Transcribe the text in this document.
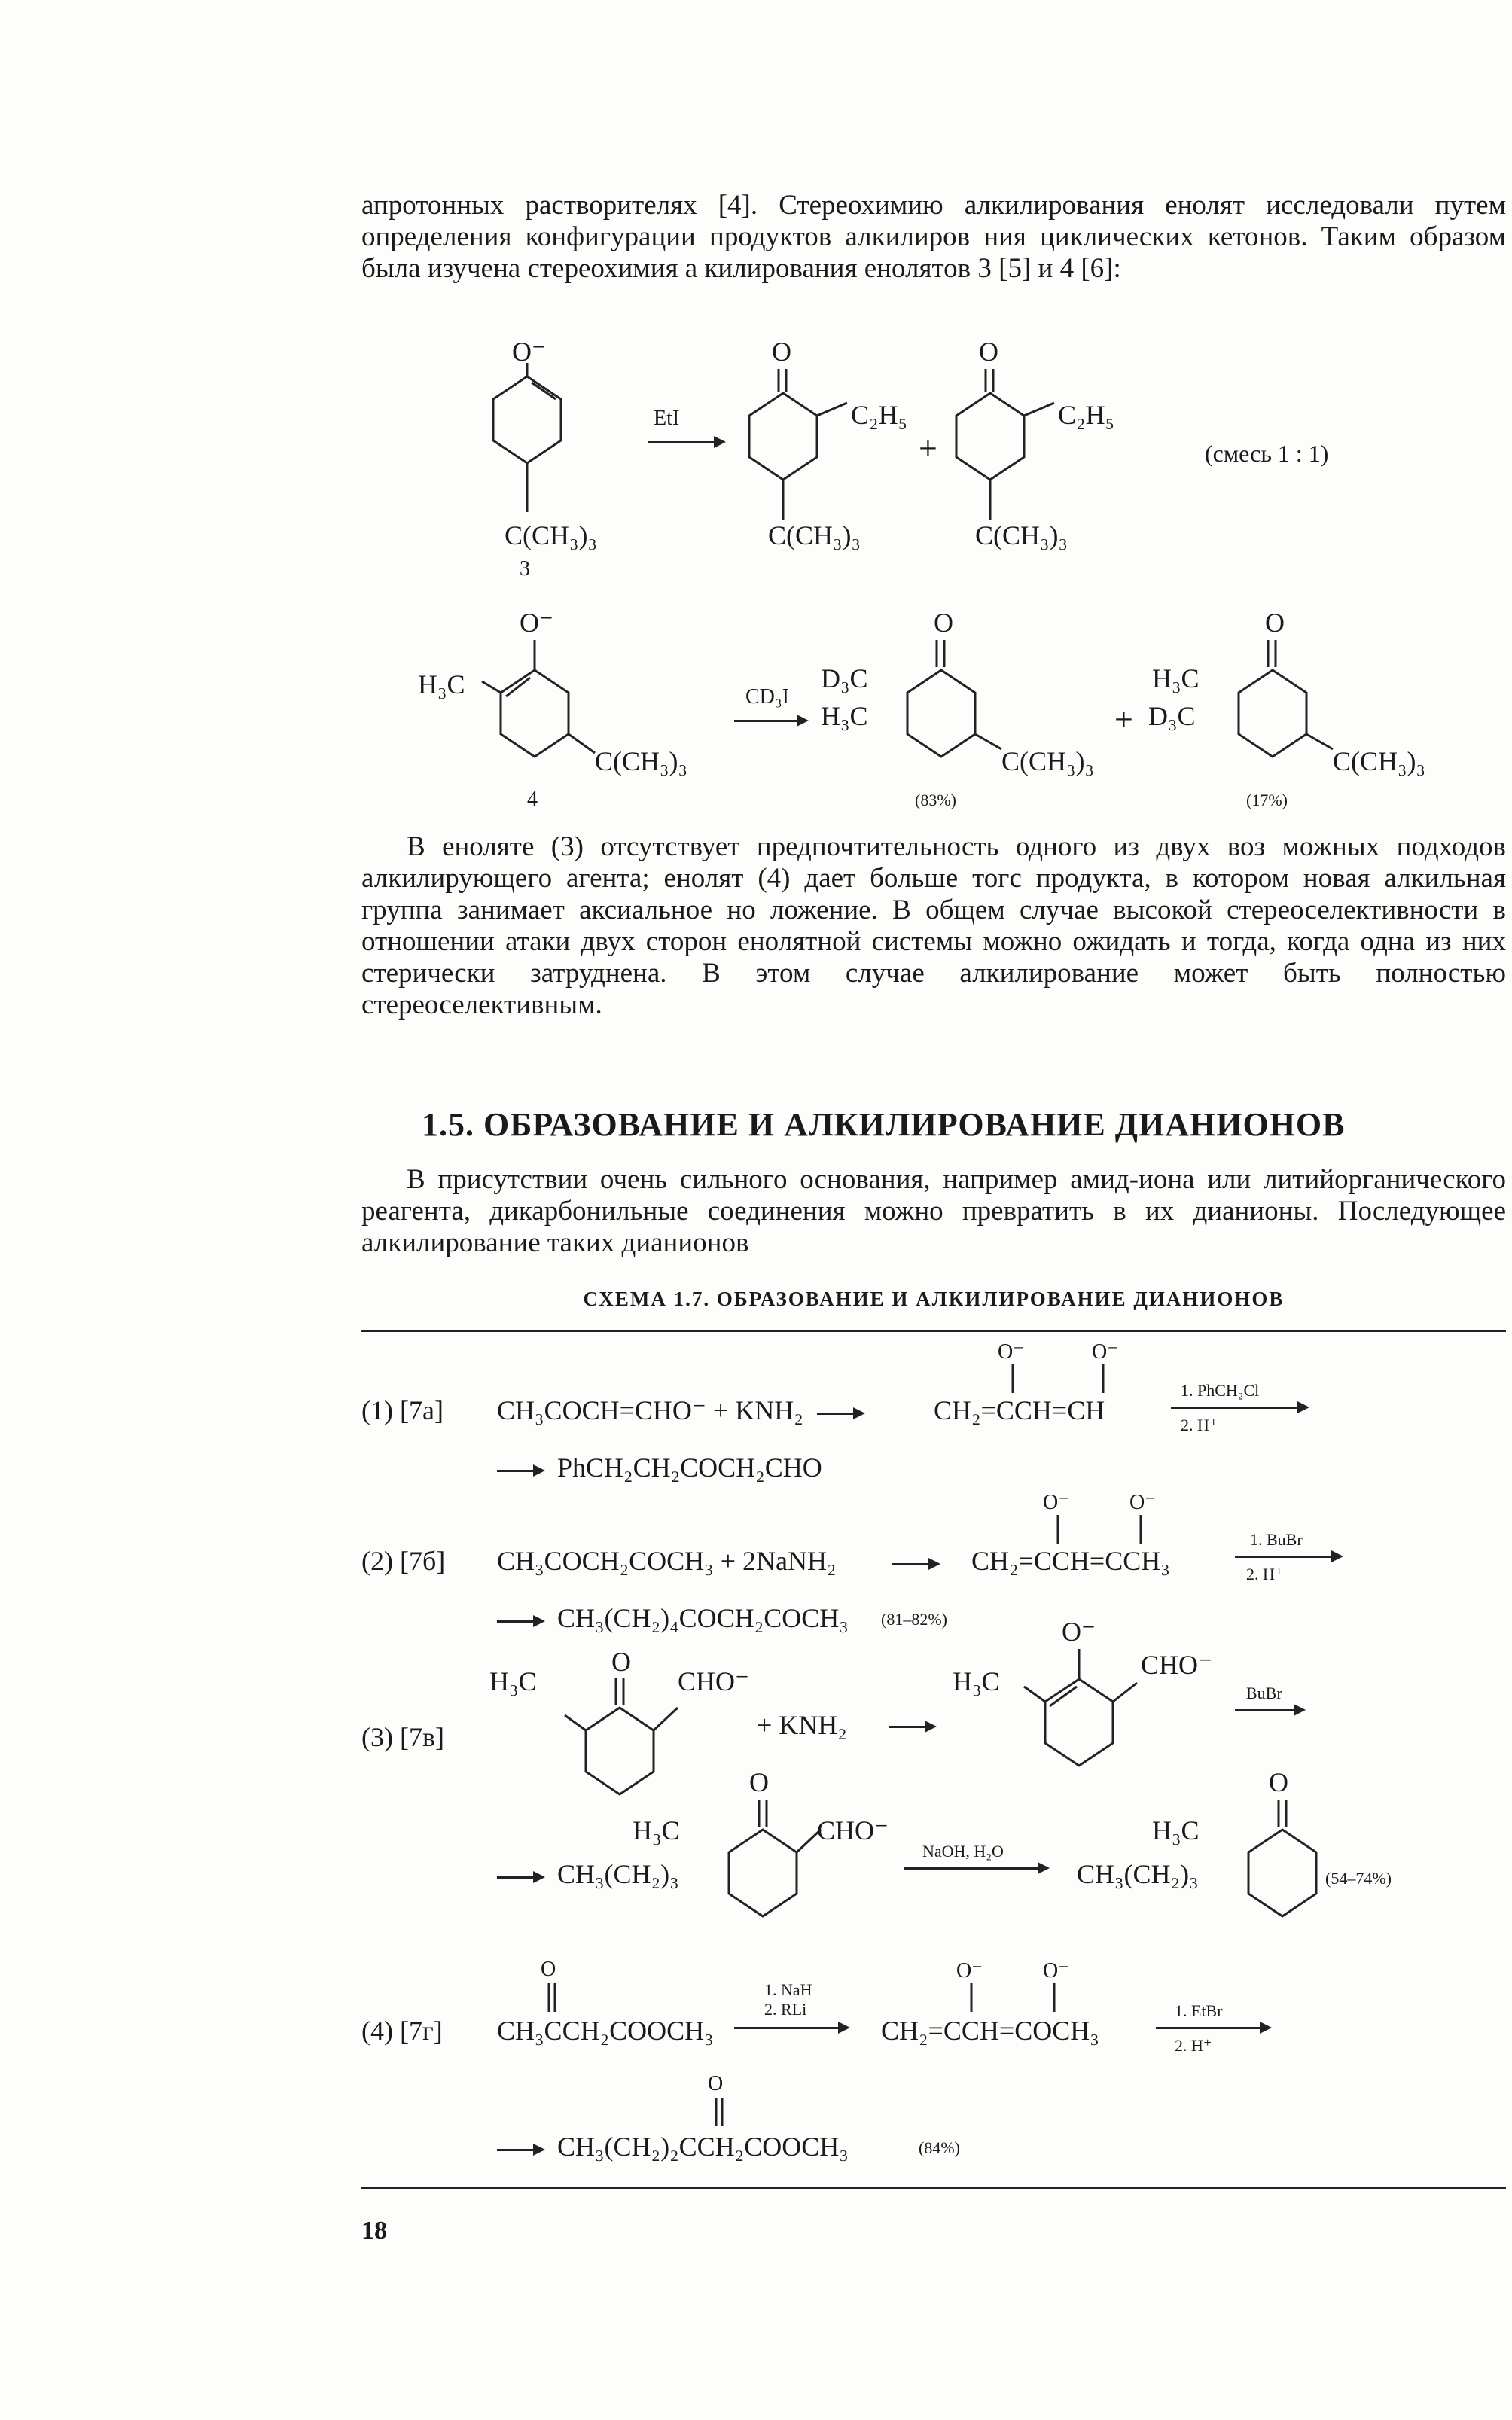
апротонных растворителях [4]. Стереохимию алкилирования енолят исследовали путем определения конфигурации продуктов алкилиров ния циклических кетонов. Таким образом была изучена стереохимия а килирования енолятов 3 [5] и 4 [6]:
O⁻
C(CH₃)₃
3
EtI
O
C₂H₅
C(CH₃)₃
+
O
C₂H₅
C(CH₃)₃
(смесь 1 : 1)
O⁻
H₃C
C(CH₃)₃
4
CD₃I
O
D₃C
H₃C
C(CH₃)₃
(83%)
+
O
H₃C
D₃C
C(CH₃)₃
(17%)
В еноляте (3) отсутствует предпочтительность одного из двух воз можных подходов алкилирующего агента; енолят (4) дает больше тогс продукта, в котором новая алкильная группа занимает аксиальное но ложение. В общем случае высокой стереоселективности в отношении атаки двух сторон енолятной системы можно ожидать и тогда, когда одна из них стерически затруднена. В этом случае алкилирование может быть полностью стереоселективным.
1.5. ОБРАЗОВАНИЕ И АЛКИЛИРОВАНИЕ ДИАНИОНОВ
В присутствии очень сильного основания, например амид-иона или литийорганического реагента, дикарбонильные соединения можно превратить в их дианионы. Последующее алкилирование таких дианионов
СХЕМА 1.7. ОБРАЗОВАНИЕ И АЛКИЛИРОВАНИЕ ДИАНИОНОВ
(1) [7а] CH₃COCH=CHO⁻ + KNH₂ →
O⁻	O⁻
CH₂=CCH=CH
1. PhCH₂Cl
2. H⁺
→ PhCH₂CH₂COCH₂CHO
(2) [7б] CH₃COCH₂COCH₃ + 2NaNH₂
O⁻	O⁻
CH₂=CCH=CCH₃
1. BuBr
2. H⁺
→ CH₃(CH₂)₄COCH₂COCH₃ (81–82%)
(3) [7в]
O
H₃C	CHO⁻
+ KNH₂
O⁻
H₃C
CHO⁻
BuBr
→ CH₃(CH₂)₃
H₃C
O
CHO⁻
NaOH, H₂O
CH₃(CH₂)₃
H₃C
O
(54–74%)
(4) [7г]
O
CH₃CCH₂COOCH₃
1. NaH
2. RLi
O⁻	O⁻
CH₂=CCH=COCH₃
1. EtBr
2. H⁺
O
→ CH₃(CH₂)₂CCH₂COOCH₃	(84%)
18
